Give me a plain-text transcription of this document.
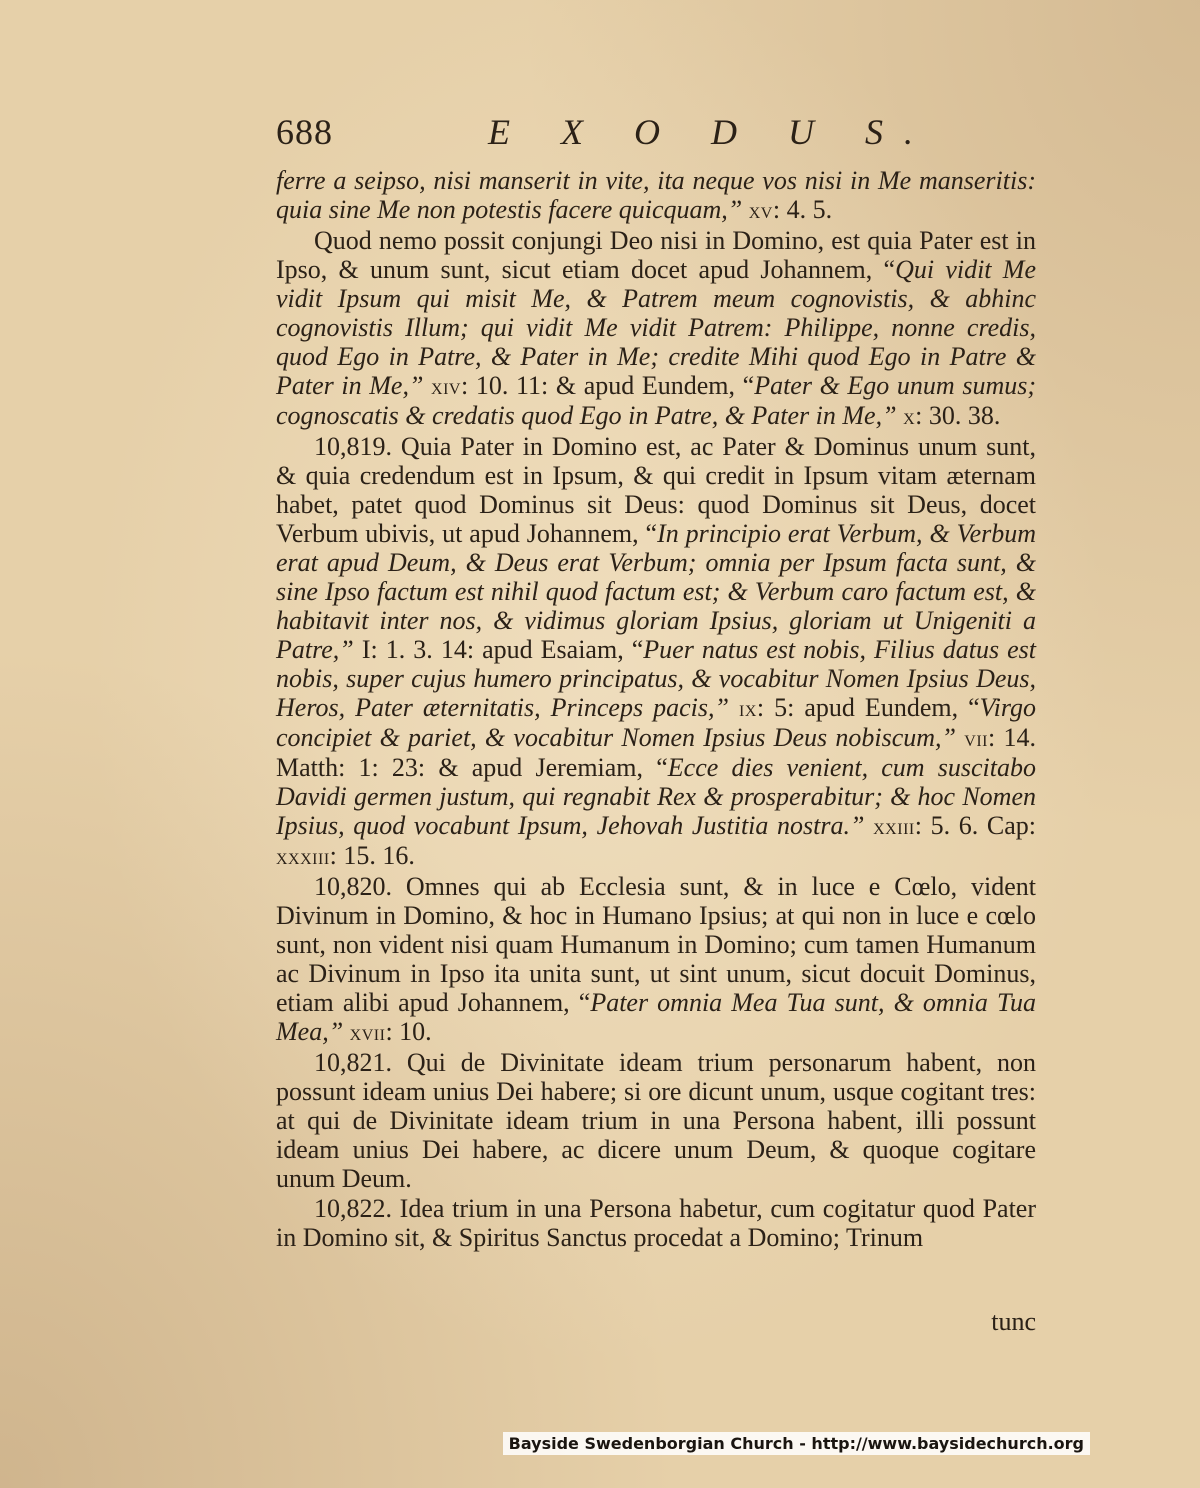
688	E X O D U S.

ferre a seipso, nisi manserit in vite, ita neque vos nisi in Me manseritis: quia sine Me non potestis facere quicquam,” xv: 4. 5.

Quod nemo possit conjungi Deo nisi in Domino, est quia Pater est in Ipso, & unum sunt, sicut etiam docet apud Johannem, “Qui vidit Me vidit Ipsum qui misit Me, & Patrem meum cognovistis, & abhinc cognovistis Illum; qui vidit Me vidit Patrem: Philippe, nonne credis, quod Ego in Patre, & Pater in Me; credite Mihi quod Ego in Patre & Pater in Me,” xiv: 10. 11: & apud Eundem, “Pater & Ego unum sumus; cognoscatis & credatis quod Ego in Patre, & Pater in Me,” x: 30. 38.

10,819. Quia Pater in Domino est, ac Pater & Dominus unum sunt, & quia credendum est in Ipsum, & qui credit in Ipsum vitam æternam habet, patet quod Dominus sit Deus: quod Dominus sit Deus, docet Verbum ubivis, ut apud Johannem, “In principio erat Verbum, & Verbum erat apud Deum, & Deus erat Verbum; omnia per Ipsum facta sunt, & sine Ipso factum est nihil quod factum est; & Verbum caro factum est, & habitavit inter nos, & vidimus gloriam Ipsius, gloriam ut Unigeniti a Patre,” I: 1. 3. 14: apud Esaiam, “Puer natus est nobis, Filius datus est nobis, super cujus humero principatus, & vocabitur Nomen Ipsius Deus, Heros, Pater æternitatis, Princeps pacis,” ix: 5: apud Eundem, “Virgo concipiet & pariet, & vocabitur Nomen Ipsius Deus nobiscum,” vii: 14. Matth: 1: 23: & apud Jeremiam, “Ecce dies venient, cum suscitabo Davidi germen justum, qui regnabit Rex & prosperabitur; & hoc Nomen Ipsius, quod vocabunt Ipsum, Jehovah Justitia nostra.” xxiii: 5. 6. Cap: xxxiii: 15. 16.

10,820. Omnes qui ab Ecclesia sunt, & in luce e Cœlo, vident Divinum in Domino, & hoc in Humano Ipsius; at qui non in luce e cœlo sunt, non vident nisi quam Humanum in Domino; cum tamen Humanum ac Divinum in Ipso ita unita sunt, ut sint unum, sicut docuit Dominus, etiam alibi apud Johannem, “Pater omnia Mea Tua sunt, & omnia Tua Mea,” xvii: 10.

10,821. Qui de Divinitate ideam trium personarum habent, non possunt ideam unius Dei habere; si ore dicunt unum, usque cogitant tres: at qui de Divinitate ideam trium in una Persona habent, illi possunt ideam unius Dei habere, ac dicere unum Deum, & quoque cogitare unum Deum.

10,822. Idea trium in una Persona habetur, cum cogitatur quod Pater in Domino sit, & Spiritus Sanctus procedat a Domino; Trinum

tunc
Bayside Swedenborgian Church - http://www.baysidechurch.org
